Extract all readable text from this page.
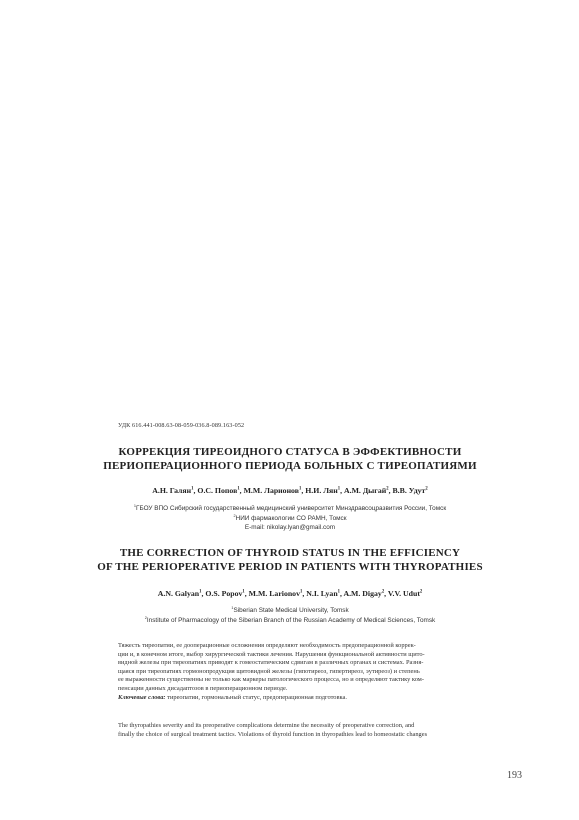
УДК 616.441-008.63-08-059-036.8-089.163-052
КОРРЕКЦИЯ ТИРЕОИДНОГО СТАТУСА В ЭФФЕКТИВНОСТИ
ПЕРИОПЕРАЦИОННОГО ПЕРИОДА БОЛЬНЫХ С ТИРЕОПАТИЯМИ
А.Н. Галян$^1$, О.С. Попов$^1$, М.М. Ларионов$^1$, Н.И. Лян$^1$, А.М. Дыгай$^2$, В.В. Удут$^2$
$^1$ГБОУ ВПО Сибирский государственный медицинский университет Минздравсоцразвития России, Томск
$^2$НИИ фармакологии СО РАМН, Томск
E-mail: nikolay.lyan@gmail.com
THE CORRECTION OF THYROID STATUS IN THE EFFICIENCY
OF THE PERIOPERATIVE PERIOD IN PATIENTS WITH THYROPATHIES
A.N. Galyan$^1$, O.S. Popov$^1$, M.M. Larionov$^1$, N.I. Lyan$^1$, A.M. Digay$^2$, V.V. Udut$^2$
$^1$Siberian State Medical University, Tomsk
$^2$Institute of Pharmacology of the Siberian Branch of the Russian Academy of Medical Sciences, Tomsk
Тяжесть тиреопатии, ее дооперационные осложнения определяют необходимость предоперационной коррек-
ции и, в конечном итоге, выбор хирургической тактики лечения. Нарушения функциональной активности щито-
видной железы при тиреопатиях приводят к гомеостатическим сдвигам в различных органах и системах. Разня-
щаяся при тиреопатиях гормонопродукция щитовидной железы (гипотиреоз, гипертиреоз, эутиреоз) и степень
ее выраженности существенны не только как маркеры патологического процесса, но и определяют тактику ком-
пенсации данных дисадаптозов в периоперационном периоде.
Ключевые слова: тиреопатии, гормональный статус, предоперационная подготовка.
The thyropathies severity and its preoperative complications determine the necessity of preoperative correction, and
finally the choice of surgical treatment tactics. Violations of thyroid function in thyropathies lead to homeostatic changes
193
